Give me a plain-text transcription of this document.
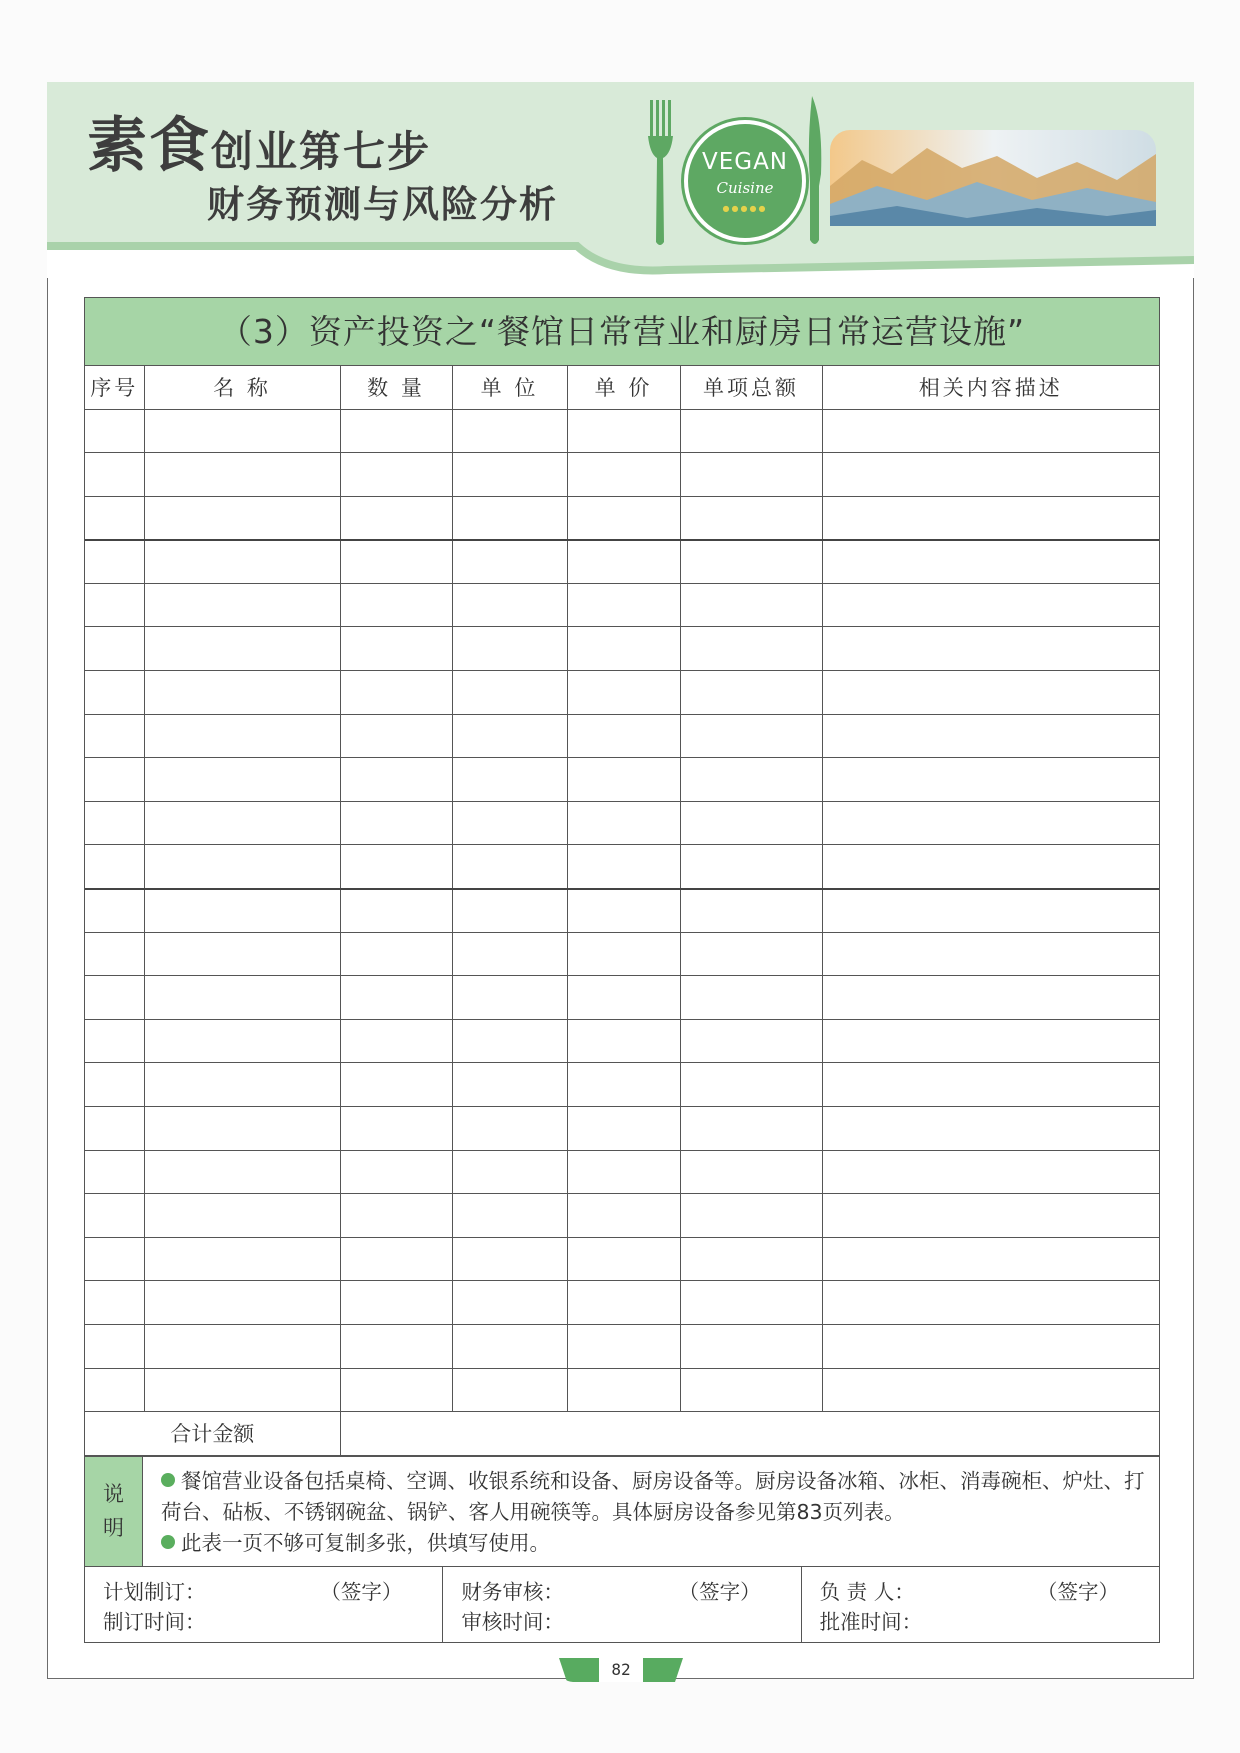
素食创业第七步
财务预测与风险分析
VEGAN
Cuisine
●●●●●
（3）资产投资之“餐馆日常营业和厨房日常运营设施”
序号	名 称	数 量	单 位	单 价	单项总额	相关内容描述

合计金额						
说
明
餐馆营业设备包括桌椅、空调、收银系统和设备、厨房设备等。厨房设备冰箱、冰柜、消毒碗柜、炉灶、打荷台、砧板、不锈钢碗盆、锅铲、客人用碗筷等。具体厨房设备参见第83页列表。
此表一页不够可复制多张，供填写使用。
计划制订：	（签字）
制订时间：
财务审核：	（签字）
审核时间：
负 责 人：	（签字）
批准时间：
82
